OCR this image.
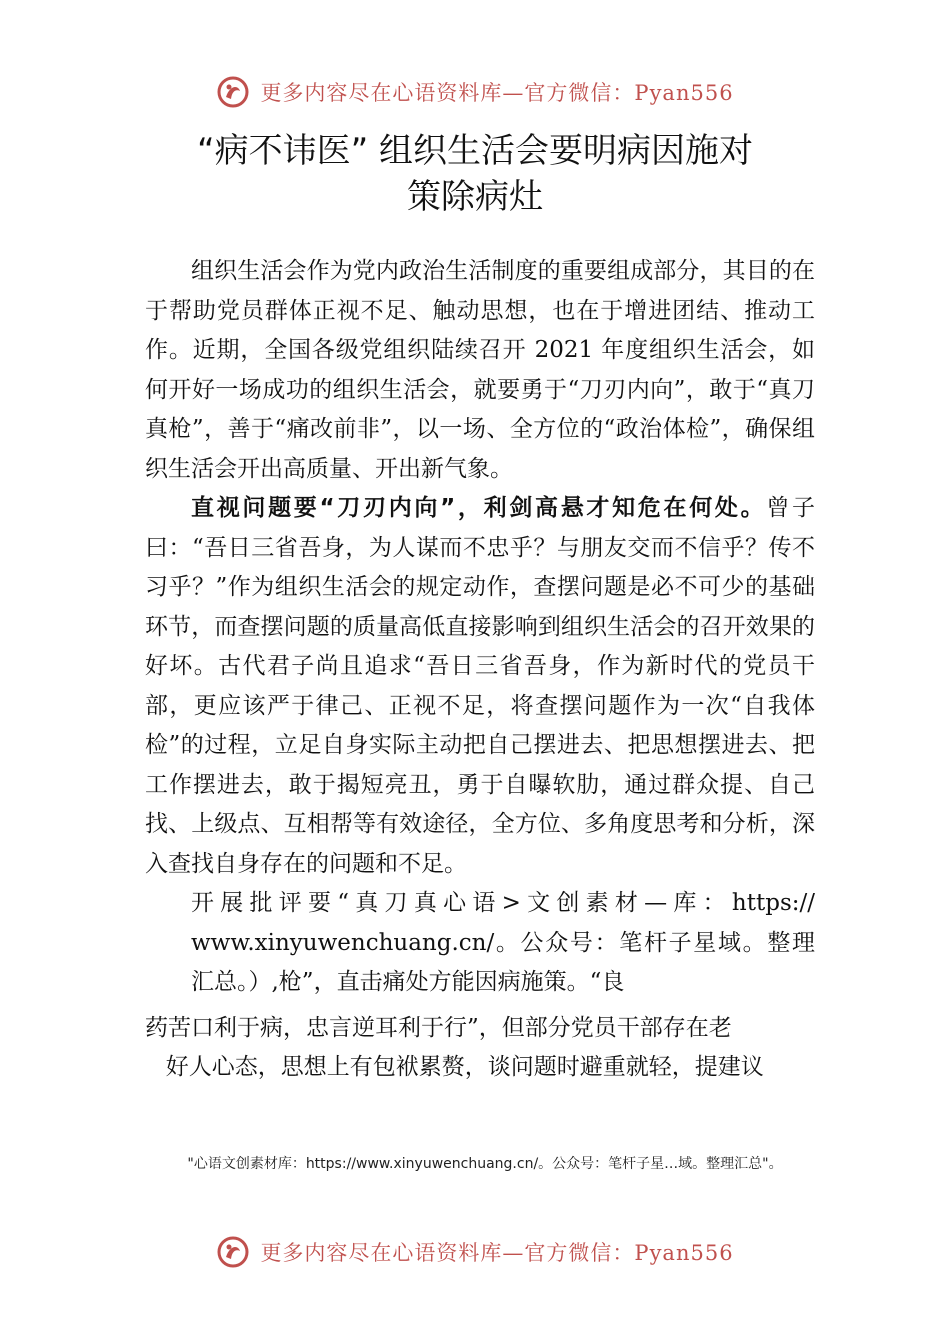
更多内容尽在心语资料库—官方微信：Pyan556
“病不讳医” 组织生活会要明病因施对
策除病灶

组织生活会作为党内政治生活制度的重要组成部分，其目的在于帮助党员群体正视不足、触动思想，也在于增进团结、推动工作。近期，全国各级党组织陆续召开 2021 年度组织生活会，如何开好一场成功的组织生活会，就要勇于“刀刃内向”，敢于“真刀真枪”，善于“痛改前非”，以一场、全方位的“政治体检”，确保组织生活会开出高质量、开出新气象。

直视问题要“刀刃内向”，利剑高悬才知危在何处。曾子曰：“吾日三省吾身，为人谋而不忠乎？与朋友交而不信乎？传不习乎？”作为组织生活会的规定动作，查摆问题是必不可少的基础环节，而查摆问题的质量高低直接影响到组织生活会的召开效果的好坏。古代君子尚且追求“吾日三省吾身，作为新时代的党员干部，更应该严于律己、正视不足，将查摆问题作为一次“自我体检”的过程，立足自身实际主动把自己摆进去、把思想摆进去、把工作摆进去，敢于揭短亮丑，勇于自曝软肋，通过群众提、自己找、上级点、互相帮等有效途径，全方位、多角度思考和分析，深入查找自身存在的问题和不足。

开展批评要“真刀真心语>文创素材—库：https:// www.xinyuwenchuang.cn/。公众号：笔杆子星域。整理汇总。）,枪”，直击痛处方能因病施策。“良

药苦口利于病，忠言逆耳利于行”，但部分党员干部存在老

好人心态，思想上有包袱累赘，谈问题时避重就轻，提建议

"心语文创素材库：https://www.xinyuwenchuang.cn/。公众号：笔杆子星…域。整理汇总"。
更多内容尽在心语资料库—官方微信：Pyan556
